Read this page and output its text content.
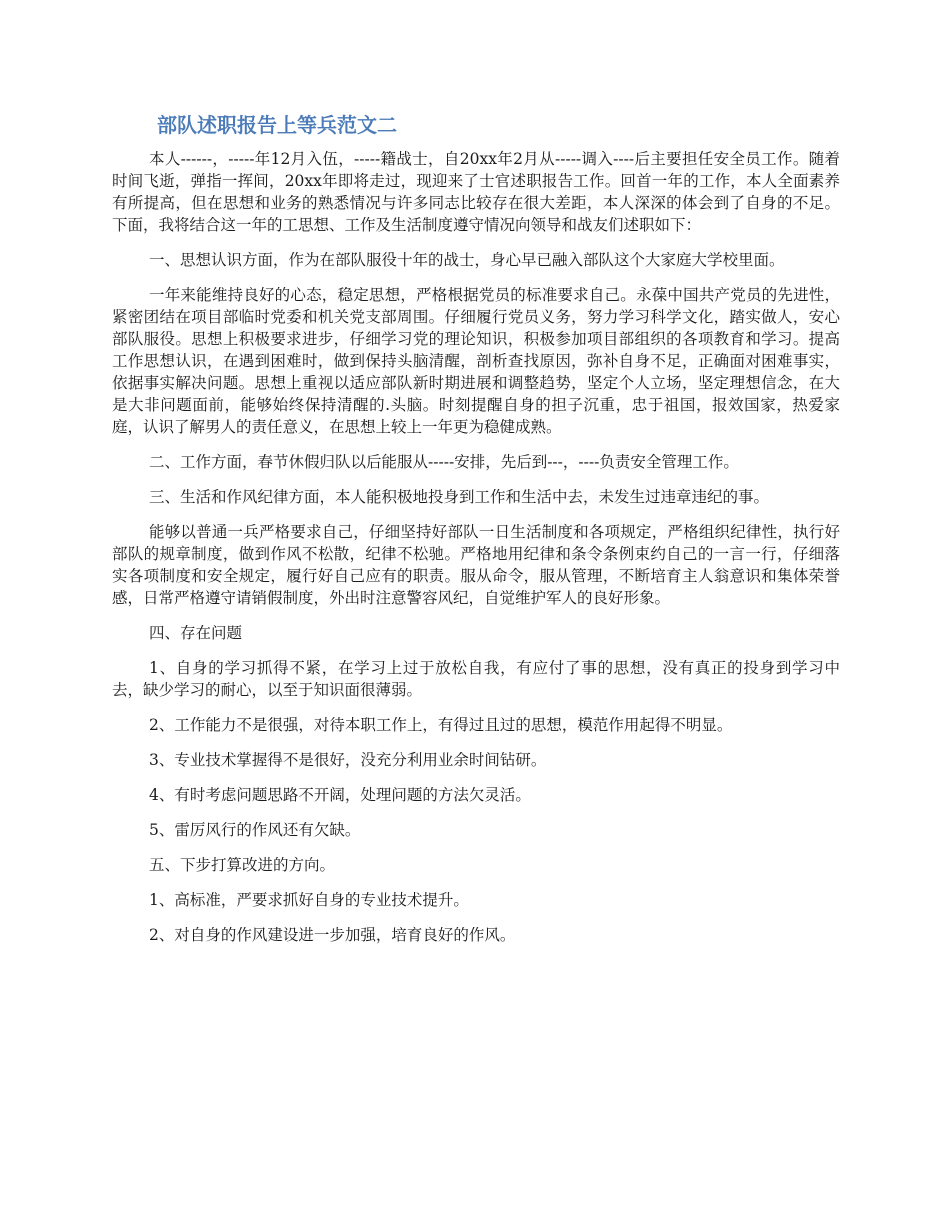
部队述职报告上等兵范文二

本人------，-----年12月入伍，-----籍战士，自20xx年2月从-----调入----后主要担任安全员工作。随着时间飞逝，弹指一挥间，20xx年即将走过，现迎来了士官述职报告工作。回首一年的工作，本人全面素养有所提高，但在思想和业务的熟悉情况与许多同志比较存在很大差距，本人深深的体会到了自身的不足。下面，我将结合这一年的工思想、工作及生活制度遵守情况向领导和战友们述职如下：

一、思想认识方面，作为在部队服役十年的战士，身心早已融入部队这个大家庭大学校里面。

一年来能维持良好的心态，稳定思想，严格根据党员的标准要求自己。永葆中国共产党员的先进性，紧密团结在项目部临时党委和机关党支部周围。仔细履行党员义务，努力学习科学文化，踏实做人，安心部队服役。思想上积极要求进步，仔细学习党的理论知识，积极参加项目部组织的各项教育和学习。提高工作思想认识，在遇到困难时，做到保持头脑清醒，剖析查找原因，弥补自身不足，正确面对困难事实，依据事实解决问题。思想上重视以适应部队新时期进展和调整趋势，坚定个人立场，坚定理想信念，在大是大非问题面前，能够始终保持清醒的.头脑。时刻提醒自身的担子沉重，忠于祖国，报效国家，热爱家庭，认识了解男人的责任意义，在思想上较上一年更为稳健成熟。

二、工作方面，春节休假归队以后能服从-----安排，先后到---，----负责安全管理工作。

三、生活和作风纪律方面，本人能积极地投身到工作和生活中去，未发生过违章违纪的事。

能够以普通一兵严格要求自己，仔细坚持好部队一日生活制度和各项规定，严格组织纪律性，执行好部队的规章制度，做到作风不松散，纪律不松驰。严格地用纪律和条令条例束约自己的一言一行，仔细落实各项制度和安全规定，履行好自己应有的职责。服从命令，服从管理，不断培育主人翁意识和集体荣誉感，日常严格遵守请销假制度，外出时注意警容风纪，自觉维护军人的良好形象。

四、存在问题

1、自身的学习抓得不紧，在学习上过于放松自我，有应付了事的思想，没有真正的投身到学习中去，缺少学习的耐心，以至于知识面很薄弱。

2、工作能力不是很强，对待本职工作上，有得过且过的思想，模范作用起得不明显。

3、专业技术掌握得不是很好，没充分利用业余时间钻研。

4、有时考虑问题思路不开阔，处理问题的方法欠灵活。

5、雷厉风行的作风还有欠缺。

五、下步打算改进的方向。

1、高标准，严要求抓好自身的专业技术提升。

2、对自身的作风建设进一步加强，培育良好的作风。
